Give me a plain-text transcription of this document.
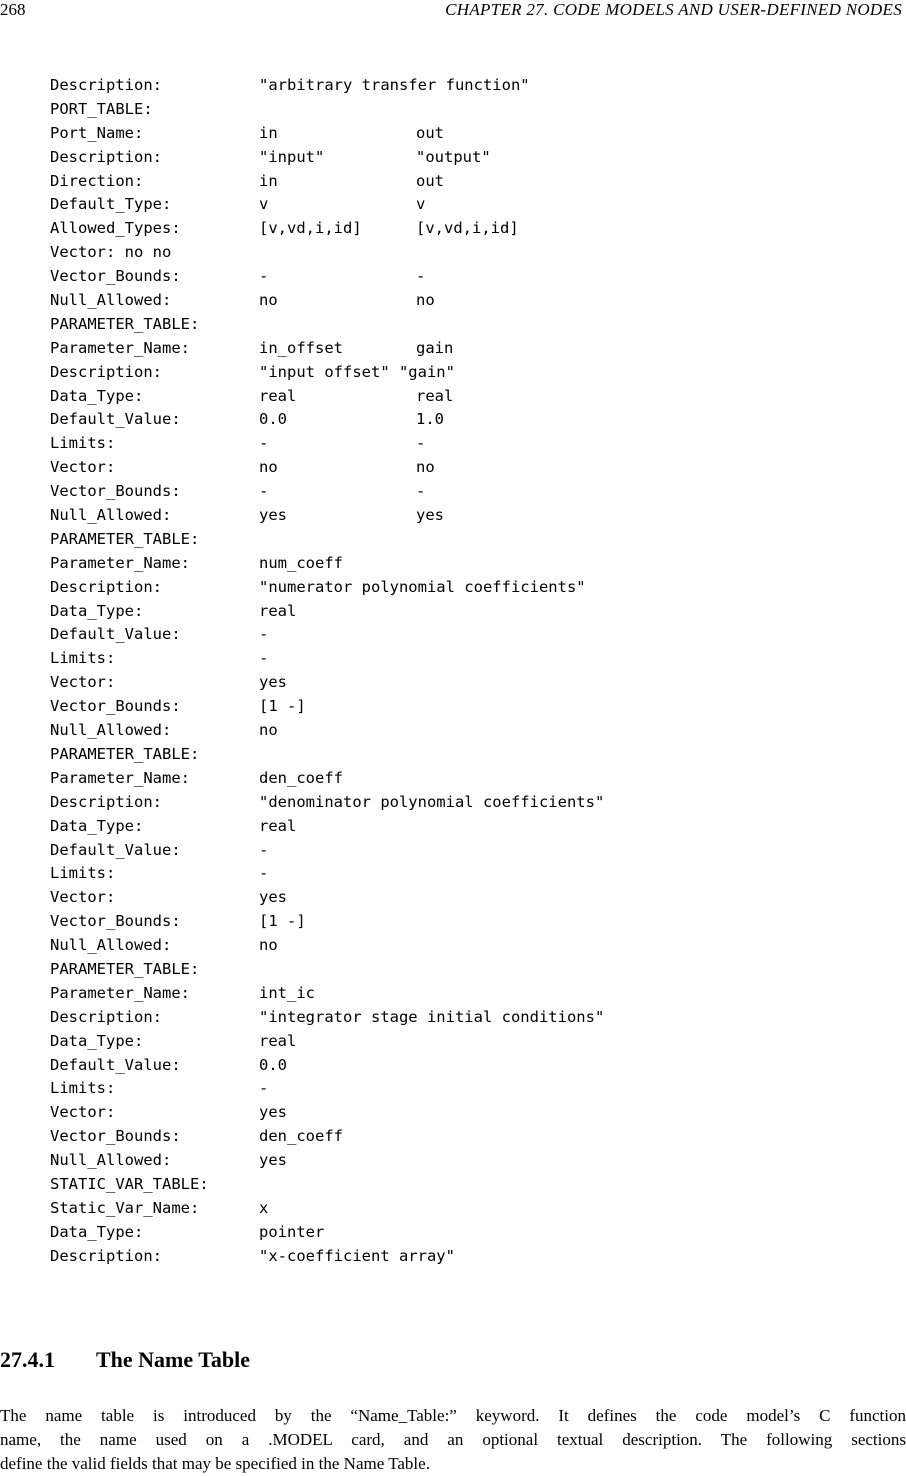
268	CHAPTER 27. CODE MODELS AND USER-DEFINED NODES
Description:	"arbitrary transfer function"
PORT_TABLE:
Port_Name:	in	out
Description:	"input"	"output"
Direction:	in	out
Default_Type:	v	v
Allowed_Types:	[v,vd,i,id]	[v,vd,i,id]
Vector: no no
Vector_Bounds:	-	-
Null_Allowed:	no	no
PARAMETER_TABLE:
Parameter_Name:	in_offset	gain
Description:	"input offset" "gain"
Data_Type:	real	real
Default_Value:	0.0	1.0
Limits:	-	-
Vector:	no	no
Vector_Bounds:	-	-
Null_Allowed:	yes	yes
PARAMETER_TABLE:
Parameter_Name:	num_coeff
Description:	"numerator polynomial coefficients"
Data_Type:	real
Default_Value:	-
Limits:	-
Vector:	yes
Vector_Bounds:	[1 -]
Null_Allowed:	no
PARAMETER_TABLE:
Parameter_Name:	den_coeff
Description:	"denominator polynomial coefficients"
Data_Type:	real
Default_Value:	-
Limits:	-
Vector:	yes
Vector_Bounds:	[1 -]
Null_Allowed:	no
PARAMETER_TABLE:
Parameter_Name:	int_ic
Description:	"integrator stage initial conditions"
Data_Type:	real
Default_Value:	0.0
Limits:	-
Vector:	yes
Vector_Bounds:	den_coeff
Null_Allowed:	yes
STATIC_VAR_TABLE:
Static_Var_Name:	x
Data_Type:	pointer
Description:	"x-coefficient array"
27.4.1 The Name Table
The name table is introduced by the “Name_Table:” keyword. It defines the code model’s C function
name, the name used on a .MODEL card, and an optional textual description. The following sections
define the valid fields that may be specified in the Name Table.
